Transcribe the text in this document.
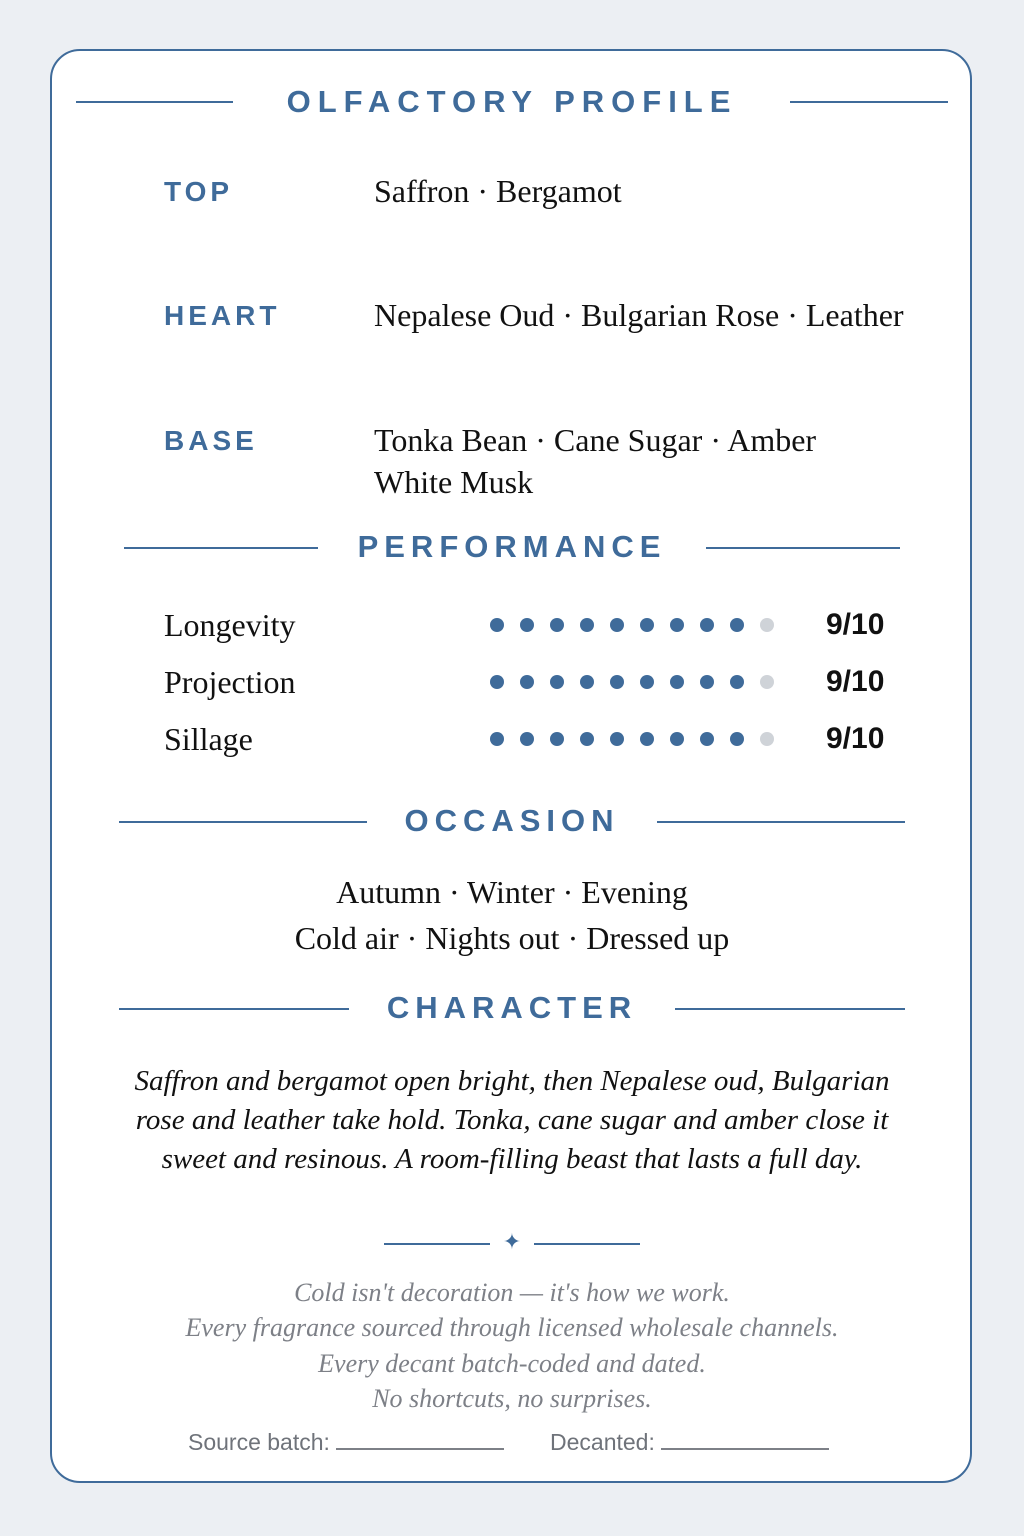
OLFACTORY PROFILE
TOP	Saffron · Bergamot
HEART	Nepalese Oud · Bulgarian Rose · Leather
BASE	Tonka Bean · Cane Sugar · Amber
White Musk
PERFORMANCE
Longevity	9/10
Projection	9/10
Sillage	9/10
OCCASION
Autumn · Winter · Evening
Cold air · Nights out · Dressed up
CHARACTER
Saffron and bergamot open bright, then Nepalese oud, Bulgarian
rose and leather take hold. Tonka, cane sugar and amber close it
sweet and resinous. A room-filling beast that lasts a full day.
✦
Cold isn't decoration — it's how we work.
Every fragrance sourced through licensed wholesale channels.
Every decant batch-coded and dated.
No shortcuts, no surprises.
Source batch:	Decanted:
